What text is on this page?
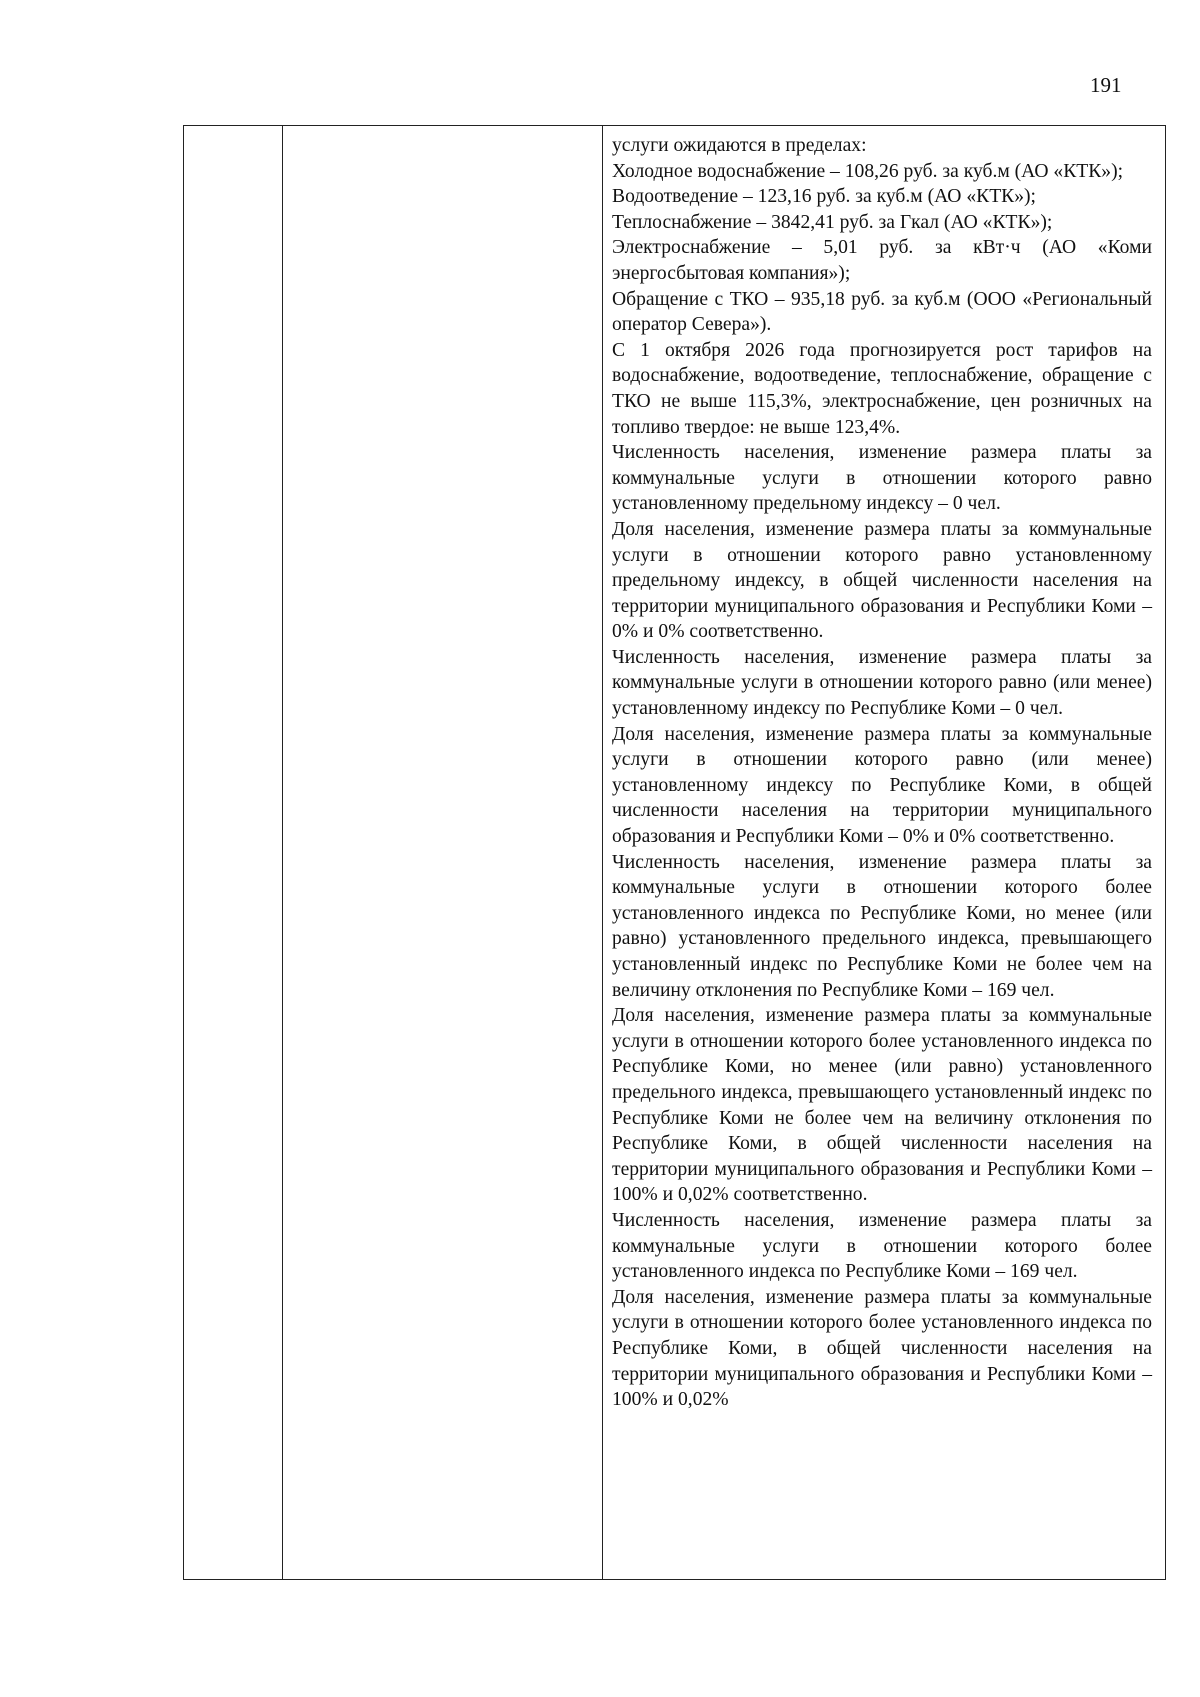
191

услуги ожидаются в пределах:

Холодное водоснабжение – 108,26 руб. за куб.м (АО «КТК»);

Водоотведение – 123,16 руб. за куб.м (АО «КТК»);

Теплоснабжение – 3842,41 руб. за Гкал (АО «КТК»);

Электроснабжение – 5,01 руб. за кВт·ч (АО «Коми энергосбытовая компания»);

Обращение с ТКО – 935,18 руб. за куб.м (ООО «Региональный оператор Севера»).

С 1 октября 2026 года прогнозируется рост тарифов на водоснабжение, водоотведение, теплоснабжение, обращение с ТКО не выше 115,3%, электроснабжение, цен розничных на топливо твердое: не выше 123,4%.

Численность населения, изменение размера платы за коммунальные услуги в отношении которого равно установленному предельному индексу – 0 чел.

Доля населения, изменение размера платы за коммунальные услуги в отношении которого равно установленному предельному индексу, в общей численности населения на территории муниципального образования и Республики Коми – 0% и 0% соответственно.

Численность населения, изменение размера платы за коммунальные услуги в отношении которого равно (или менее) установленному индексу по Республике Коми – 0 чел.

Доля населения, изменение размера платы за коммунальные услуги в отношении которого равно (или менее) установленному индексу по Республике Коми, в общей численности населения на территории муниципального образования и Республики Коми – 0% и 0% соответственно.

Численность населения, изменение размера платы за коммунальные услуги в отношении которого более установленного индекса по Республике Коми, но менее (или равно) установленного предельного индекса, превышающего установленный индекс по Республике Коми не более чем на величину отклонения по Республике Коми – 169 чел.

Доля населения, изменение размера платы за коммунальные услуги в отношении которого более установленного индекса по Республике Коми, но менее (или равно) установленного предельного индекса, превышающего установленный индекс по Республике Коми не более чем на величину отклонения по Республике Коми, в общей численности населения на территории муниципального образования и Республики Коми – 100% и 0,02% соответственно.

Численность населения, изменение размера платы за коммунальные услуги в отношении которого более установленного индекса по Республике Коми – 169 чел.

Доля населения, изменение размера платы за коммунальные услуги в отношении которого более установленного индекса по Республике Коми, в общей численности населения на территории муниципального образования и Республики Коми – 100% и 0,02%
